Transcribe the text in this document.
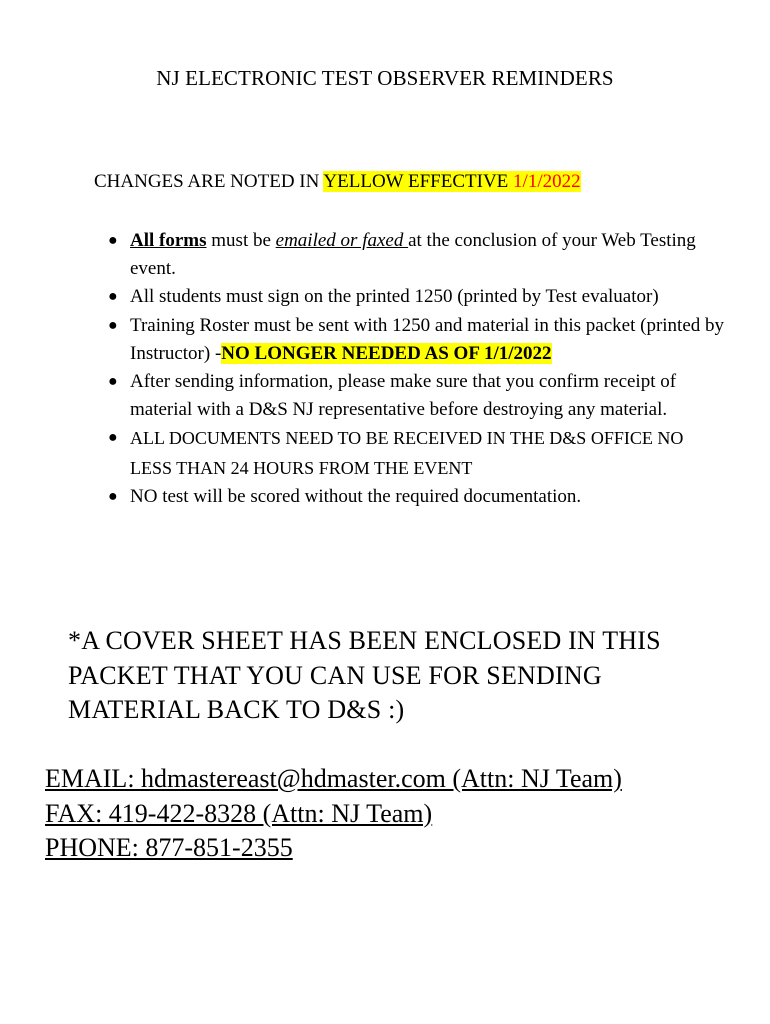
NJ ELECTRONIC TEST OBSERVER REMINDERS
CHANGES ARE NOTED IN YELLOW EFFECTIVE 1/1/2022
● All forms must be emailed or faxed at the conclusion of your Web Testing event.
● All students must sign on the printed 1250 (printed by Test evaluator)
● Training Roster must be sent with 1250 and material in this packet (printed by Instructor) -NO LONGER NEEDED AS OF 1/1/2022
● After sending information, please make sure that you confirm receipt of material with a D&S NJ representative before destroying any material.
● ALL DOCUMENTS NEED TO BE RECEIVED IN THE D&S OFFICE NO LESS THAN 24 HOURS FROM THE EVENT
● NO test will be scored without the required documentation.
*A COVER SHEET HAS BEEN ENCLOSED IN THIS PACKET THAT YOU CAN USE FOR SENDING MATERIAL BACK TO D&S :)
EMAIL: hdmastereast@hdmaster.com (Attn: NJ Team)
FAX: 419-422-8328 (Attn: NJ Team)
PHONE: 877-851-2355
